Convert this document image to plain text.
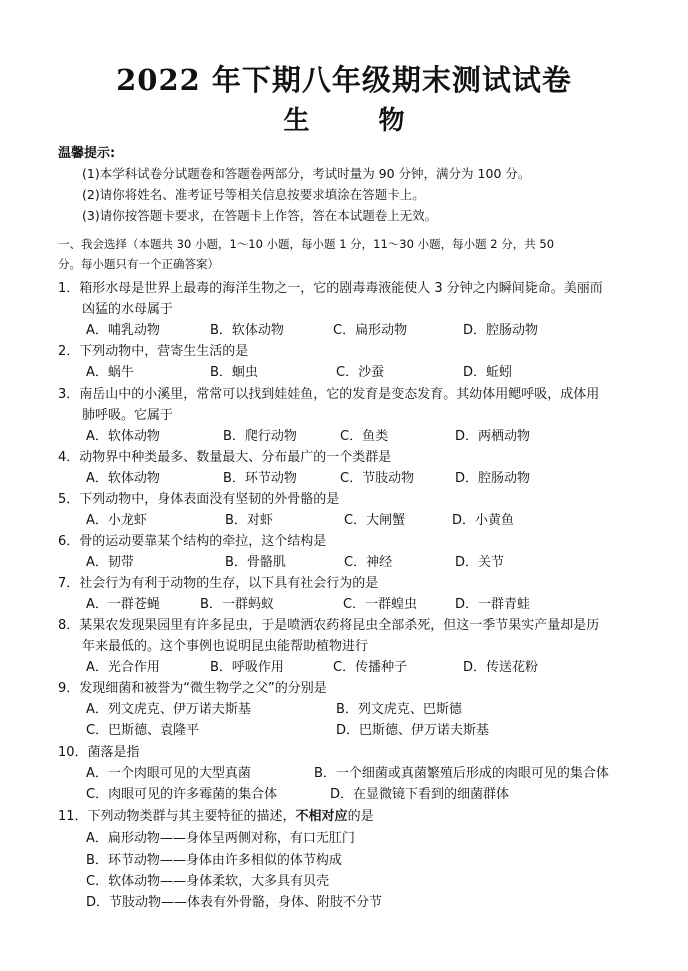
2022 年下期八年级期末测试试卷
生 物
温馨提示:
(1)本学科试卷分试题卷和答题卷两部分，考试时量为 90 分钟，满分为 100 分。
(2)请你将姓名、准考证号等相关信息按要求填涂在答题卡上。
(3)请你按答题卡要求，在答题卡上作答，答在本试题卷上无效。
一、我会选择（本题共 30 小题，1～10 小题，每小题 1 分，11～30 小题，每小题 2 分，共 50
分。每小题只有一个正确答案）
1．箱形水母是世界上最毒的海洋生物之一，它的剧毒毒液能使人 3 分钟之内瞬间毙命。美丽而
凶猛的水母属于
A．哺乳动物	B．软体动物	C．扁形动物	D．腔肠动物
2．下列动物中，营寄生生活的是
A．蜗牛	B．蛔虫	C．沙蚕	D．蚯蚓
3．南岳山中的小溪里，常常可以找到娃娃鱼，它的发育是变态发育。其幼体用鳃呼吸，成体用
肺呼吸。它属于
A．软体动物	B．爬行动物	C．鱼类	D．两栖动物
4．动物界中种类最多、数量最大、分布最广的一个类群是
A．软体动物	B．环节动物	C．节肢动物	D．腔肠动物
5．下列动物中，身体表面没有坚韧的外骨骼的是
A．小龙虾	B．对虾	C．大闸蟹	D．小黄鱼
6．骨的运动要靠某个结构的牵拉，这个结构是
A．韧带	B．骨骼肌	C．神经	D．关节
7．社会行为有利于动物的生存，以下具有社会行为的是
A．一群苍蝇	B．一群蚂蚁	C．一群蝗虫	D．一群青蛙
8．某果农发现果园里有许多昆虫，于是喷洒农药将昆虫全部杀死，但这一季节果实产量却是历
年来最低的。这个事例也说明昆虫能帮助植物进行
A．光合作用	B．呼吸作用	C．传播种子	D．传送花粉
9．发现细菌和被誉为“微生物学之父”的分别是
A．列文虎克、伊万诺夫斯基	B．列文虎克、巴斯德
C．巴斯德、袁隆平	D．巴斯德、伊万诺夫斯基
10．菌落是指
A．一个肉眼可见的大型真菌	B．一个细菌或真菌繁殖后形成的肉眼可见的集合体
C．肉眼可见的许多霉菌的集合体	D．在显微镜下看到的细菌群体
11．下列动物类群与其主要特征的描述，不相对应的是
A．扁形动物——身体呈两侧对称，有口无肛门
B．环节动物——身体由许多相似的体节构成
C．软体动物——身体柔软，大多具有贝壳
D．节肢动物——体表有外骨骼，身体、附肢不分节
